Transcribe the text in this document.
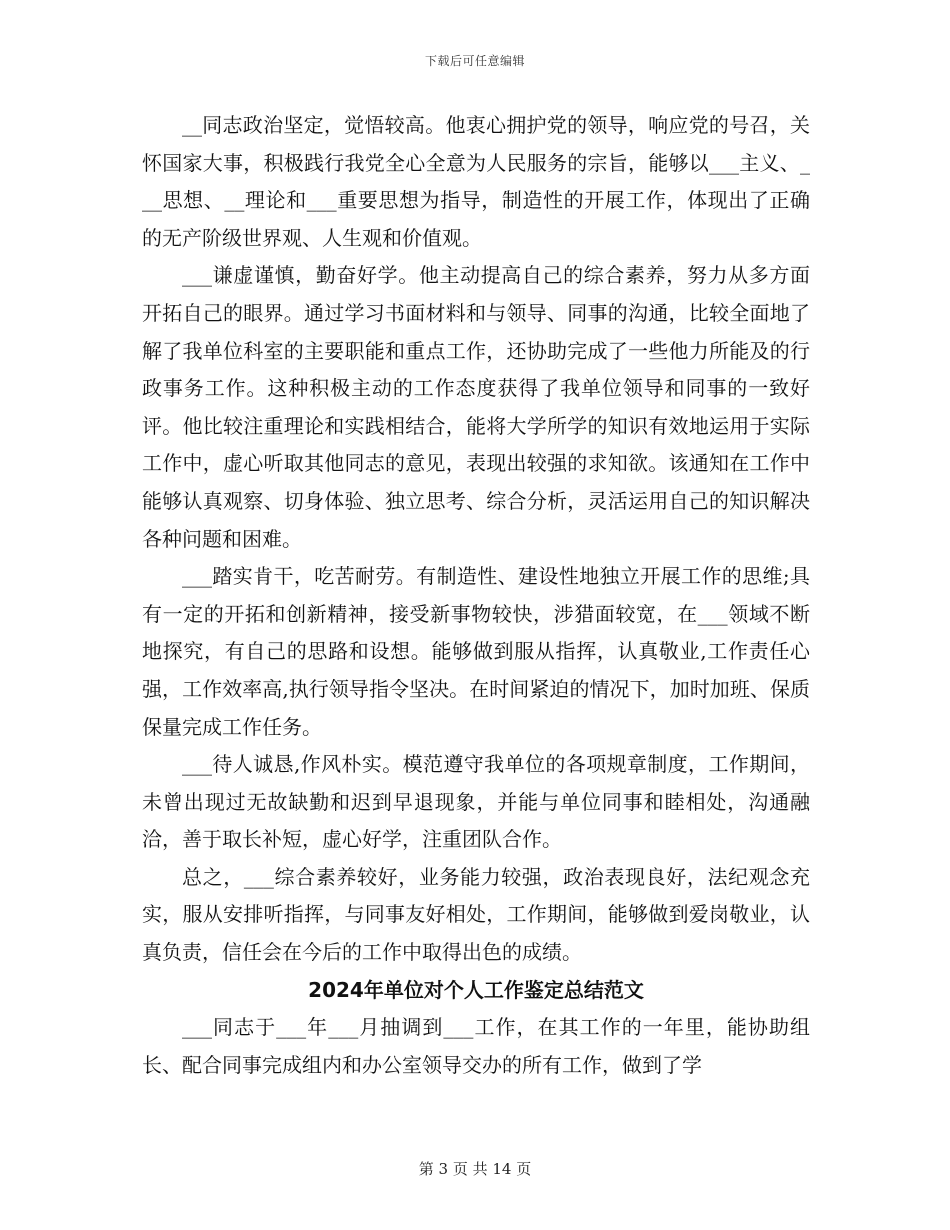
下载后可任意编辑

__同志政治坚定，觉悟较高。他衷心拥护党的领导，响应党的号召，关怀国家大事，积极践行我党全心全意为人民服务的宗旨，能够以___主义、___思想、__理论和___重要思想为指导，制造性的开展工作，体现出了正确的无产阶级世界观、人生观和价值观。

___谦虚谨慎，勤奋好学。他主动提高自己的综合素养，努力从多方面开拓自己的眼界。通过学习书面材料和与领导、同事的沟通，比较全面地了解了我单位科室的主要职能和重点工作，还协助完成了一些他力所能及的行政事务工作。这种积极主动的工作态度获得了我单位领导和同事的一致好评。他比较注重理论和实践相结合，能将大学所学的知识有效地运用于实际工作中，虚心听取其他同志的意见，表现出较强的求知欲。该通知在工作中能够认真观察、切身体验、独立思考、综合分析，灵活运用自己的知识解决各种问题和困难。

___踏实肯干，吃苦耐劳。有制造性、建设性地独立开展工作的思维;具有一定的开拓和创新精神，接受新事物较快，涉猎面较宽，在___领域不断地探究，有自己的思路和设想。能够做到服从指挥，认真敬业,工作责任心强，工作效率高,执行领导指令坚决。在时间紧迫的情况下，加时加班、保质保量完成工作任务。

___待人诚恳,作风朴实。模范遵守我单位的各项规章制度，工作期间，未曾出现过无故缺勤和迟到早退现象，并能与单位同事和睦相处，沟通融洽，善于取长补短，虚心好学，注重团队合作。

总之，___综合素养较好，业务能力较强，政治表现良好，法纪观念充实，服从安排听指挥，与同事友好相处，工作期间，能够做到爱岗敬业，认真负责，信任会在今后的工作中取得出色的成绩。

2024年单位对个人工作鉴定总结范文

___同志于___年___月抽调到___工作，在其工作的一年里，能协助组长、配合同事完成组内和办公室领导交办的所有工作，做到了学

第 3 页 共 14 页
